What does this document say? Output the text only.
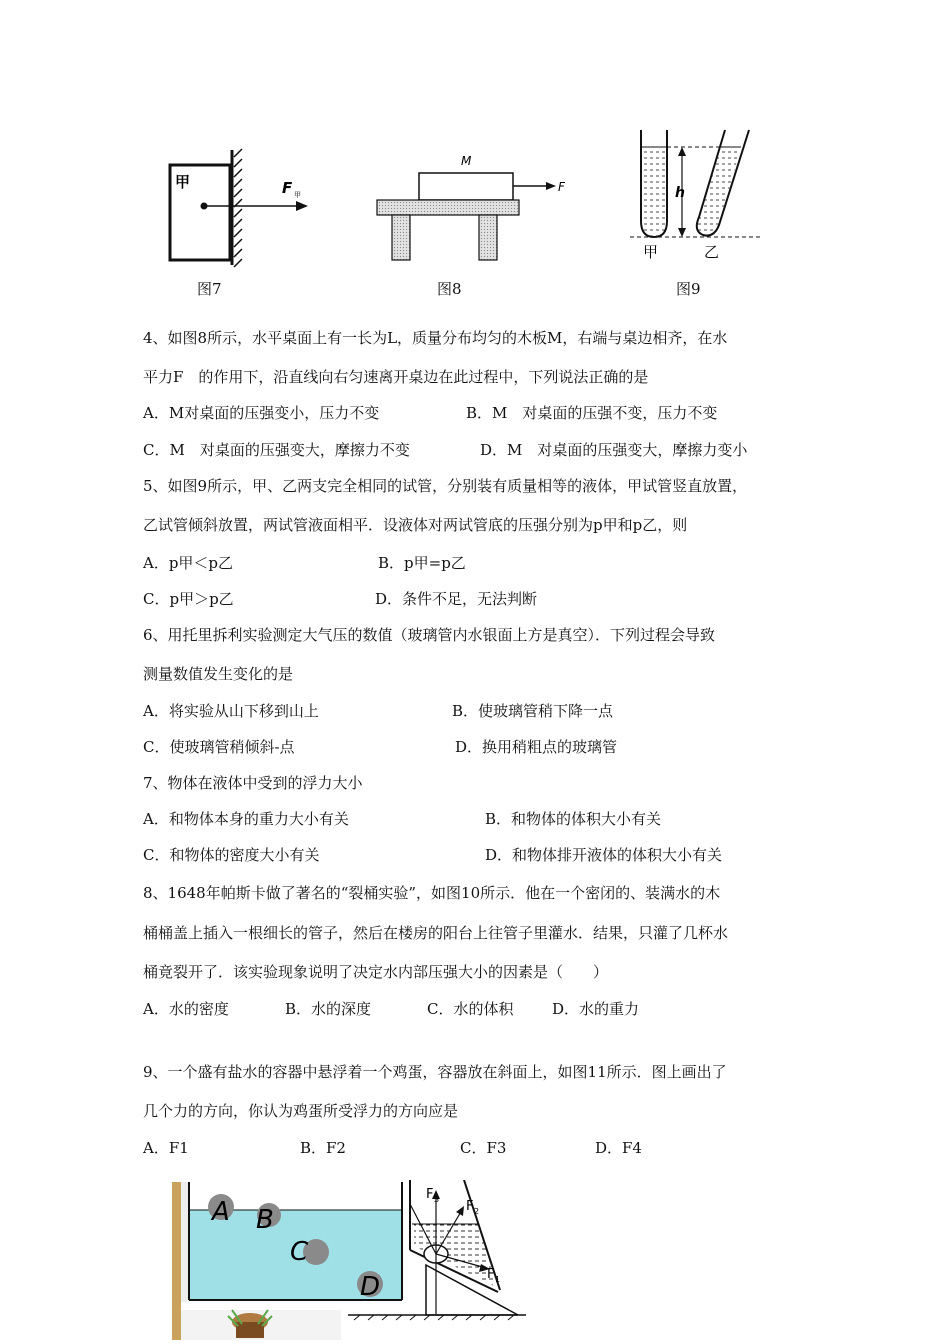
甲	F 甲
图7
M
F
图8
h
甲	乙
图9
4、如图8所示，水平桌面上有一长为L，质量分布均匀的木板M，右端与桌边相齐，在水
平力F　的作用下，沿直线向右匀速离开桌边在此过程中，下列说法正确的是
A．M对桌面的压强变小，压力不变	B．M　对桌面的压强不变，压力不变
C．M　对桌面的压强变大，摩擦力不变	D．M　对桌面的压强变大，摩擦力变小
5、如图9所示，甲、乙两支完全相同的试管，分别装有质量相等的液体，甲试管竖直放置，
乙试管倾斜放置，两试管液面相平．设液体对两试管底的压强分别为p甲和p乙，则
A．p甲＜p乙	B．p甲=p乙
C．p甲＞p乙	D．条件不足，无法判断
6、用托里拆利实验测定大气压的数值（玻璃管内水银面上方是真空）．下列过程会导致
测量数值发生变化的是
A．将实验从山下移到山上	B．使玻璃管稍下降一点
C．使玻璃管稍倾斜-点	D．换用稍粗点的玻璃管
7、物体在液体中受到的浮力大小
A．和物体本身的重力大小有关	B．和物体的体积大小有关
C．和物体的密度大小有关	D．和物体排开液体的体积大小有关
8、1648年帕斯卡做了著名的“裂桶实验”，如图10所示．他在一个密闭的、装满水的木
桶桶盖上插入一根细长的管子，然后在楼房的阳台上往管子里灌水．结果，只灌了几杯水
桶竟裂开了．该实验现象说明了决定水内部压强大小的因素是（　　）
A．水的密度	B．水的深度	C．水的体积	D．水的重力
9、一个盛有盐水的容器中悬浮着一个鸡蛋，容器放在斜面上，如图11所示．图上画出了
几个力的方向，你认为鸡蛋所受浮力的方向应是
A．F1	B．F2	C．F3	D．F4
A B
C
D
F 3 F 2
F 1
